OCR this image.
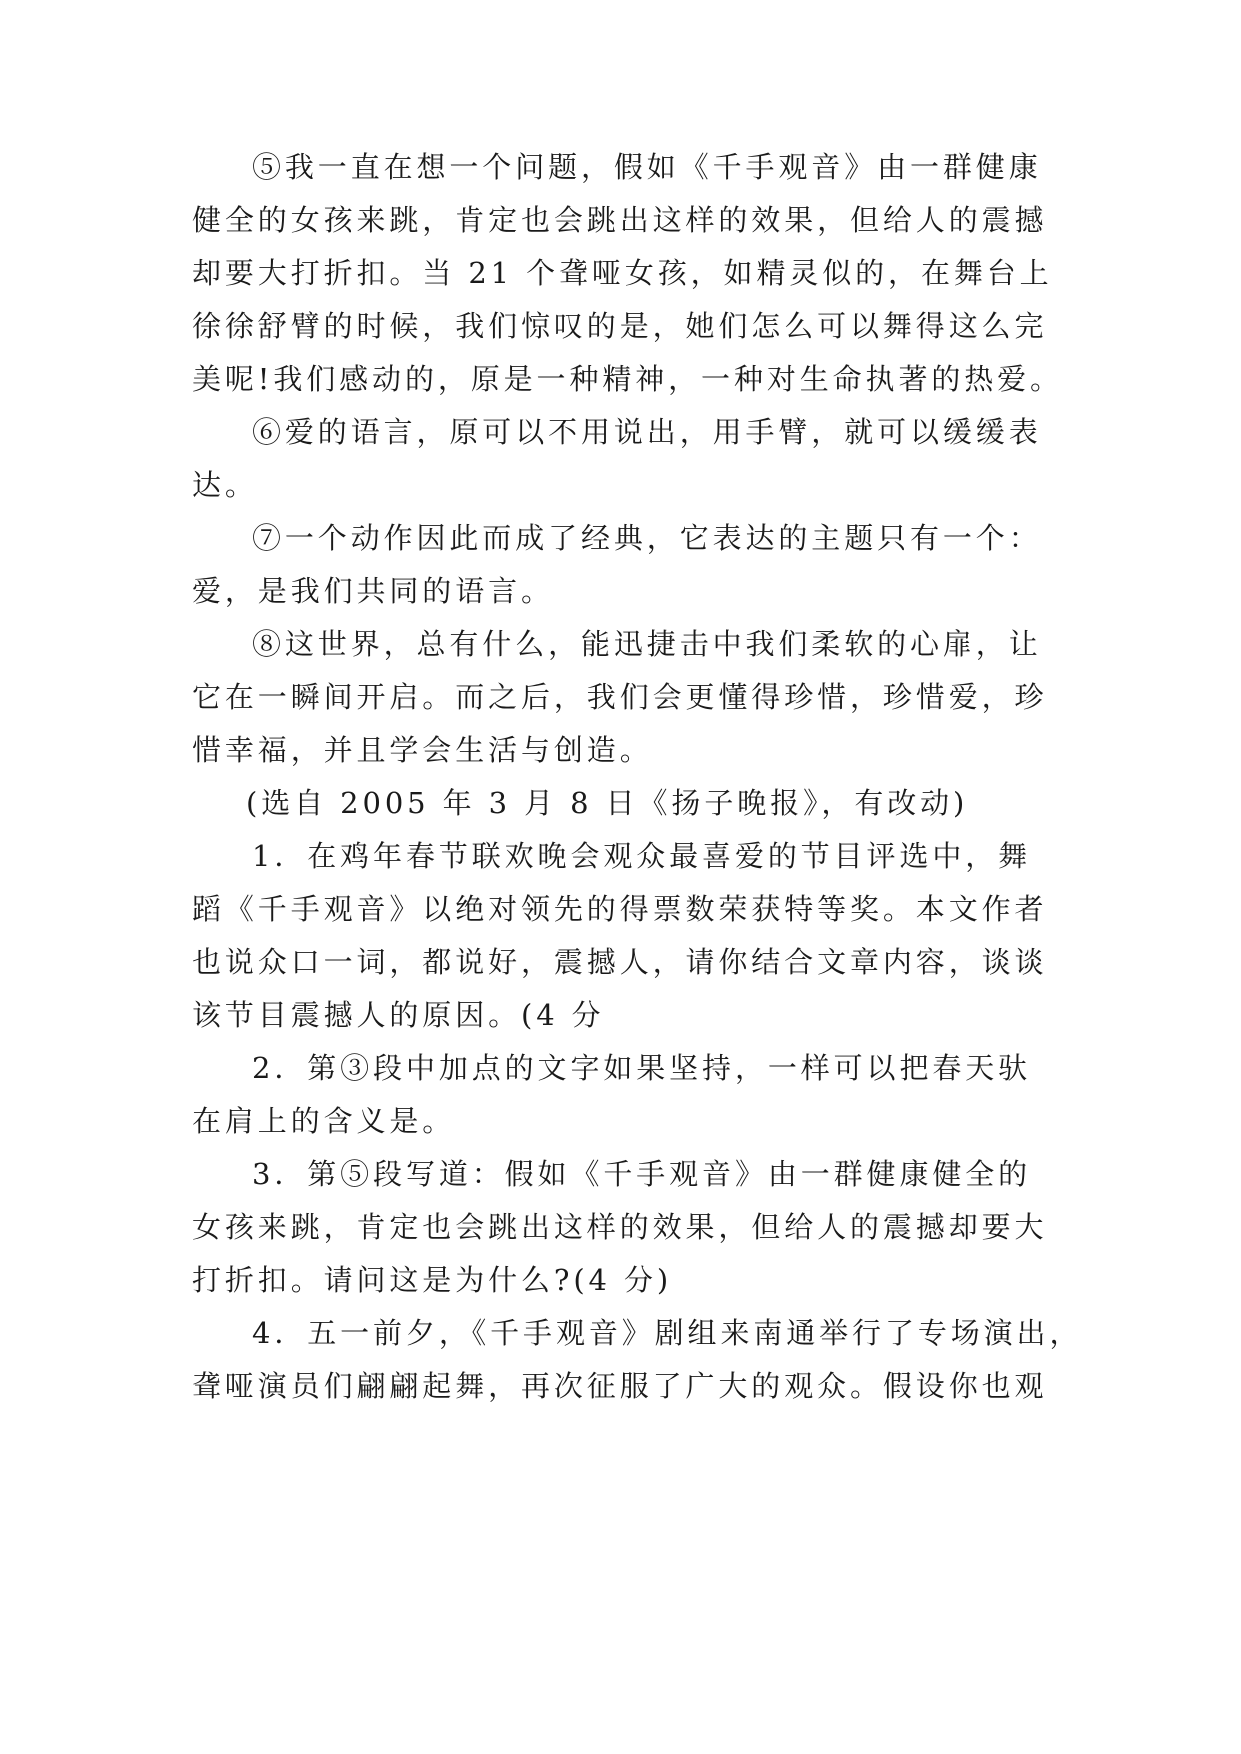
⑤我一直在想一个问题，假如《千手观音》由一群健康
健全的女孩来跳，肯定也会跳出这样的效果，但给人的震撼
却要大打折扣。当 21 个聋哑女孩，如精灵似的，在舞台上
徐徐舒臂的时候，我们惊叹的是，她们怎么可以舞得这么完
美呢!我们感动的，原是一种精神，一种对生命执著的热爱。
⑥爱的语言，原可以不用说出，用手臂，就可以缓缓表
达。
⑦一个动作因此而成了经典，它表达的主题只有一个：
爱，是我们共同的语言。
⑧这世界，总有什么，能迅捷击中我们柔软的心扉，让
它在一瞬间开启。而之后，我们会更懂得珍惜，珍惜爱，珍
惜幸福，并且学会生活与创造。
(选自 2005 年 3 月 8 日《扬子晚报》，有改动)
1．在鸡年春节联欢晚会观众最喜爱的节目评选中，舞
蹈《千手观音》以绝对领先的得票数荣获特等奖。本文作者
也说众口一词，都说好，震撼人，请你结合文章内容，谈谈
该节目震撼人的原因。(4 分
2．第③段中加点的文字如果坚持，一样可以把春天驮
在肩上的含义是。
3．第⑤段写道：假如《千手观音》由一群健康健全的
女孩来跳，肯定也会跳出这样的效果，但给人的震撼却要大
打折扣。请问这是为什么?(4 分)
4．五一前夕，《千手观音》剧组来南通举行了专场演出，
聋哑演员们翩翩起舞，再次征服了广大的观众。假设你也观
